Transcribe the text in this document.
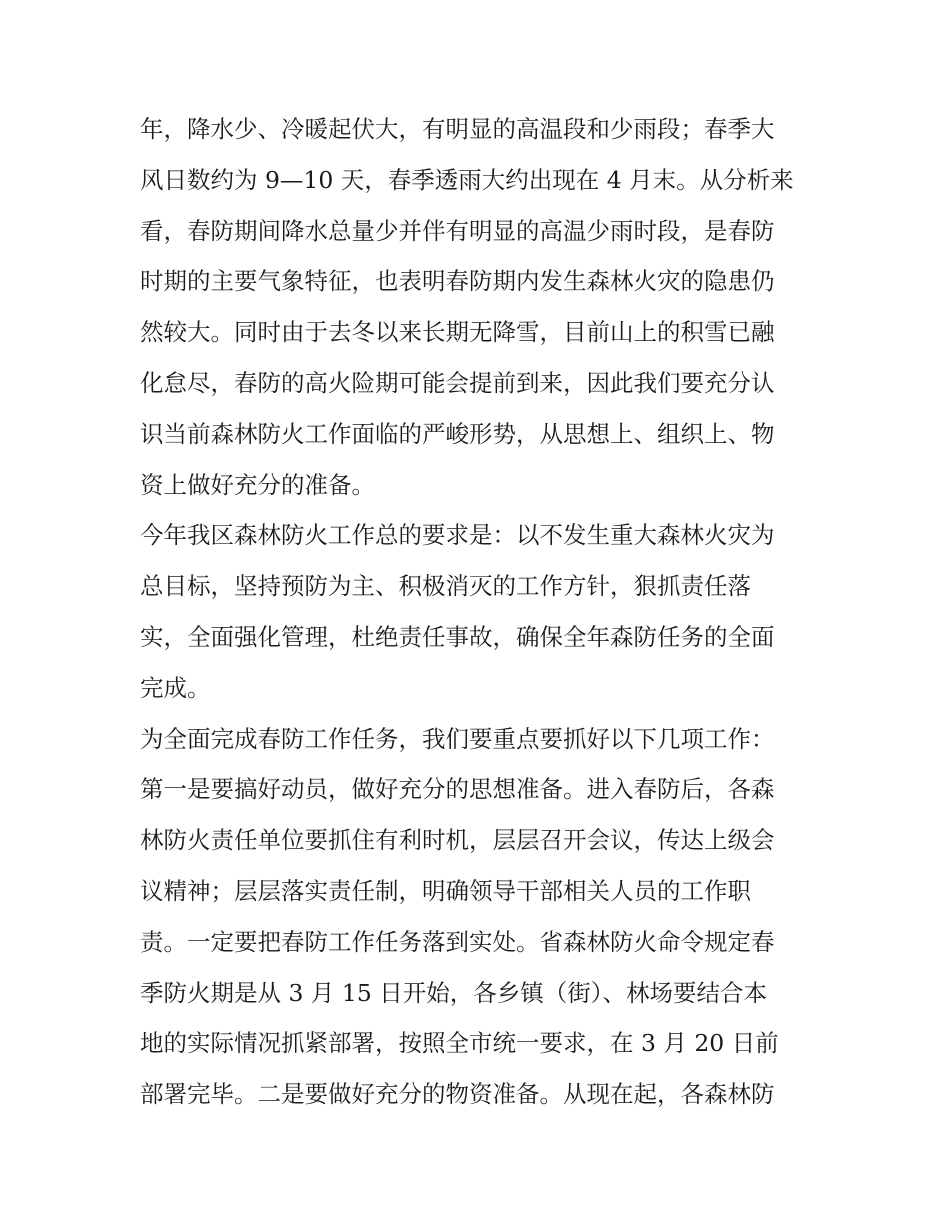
年，降水少、冷暖起伏大，有明显的高温段和少雨段；春季大
风日数约为 9—10 天，春季透雨大约出现在 4 月末。从分析来
看，春防期间降水总量少并伴有明显的高温少雨时段，是春防
时期的主要气象特征，也表明春防期内发生森林火灾的隐患仍
然较大。同时由于去冬以来长期无降雪，目前山上的积雪已融
化怠尽，春防的高火险期可能会提前到来，因此我们要充分认
识当前森林防火工作面临的严峻形势，从思想上、组织上、物
资上做好充分的准备。
今年我区森林防火工作总的要求是：以不发生重大森林火灾为
总目标，坚持预防为主、积极消灭的工作方针，狠抓责任落
实，全面强化管理，杜绝责任事故，确保全年森防任务的全面
完成。
为全面完成春防工作任务，我们要重点要抓好以下几项工作：
第一是要搞好动员，做好充分的思想准备。进入春防后，各森
林防火责任单位要抓住有利时机，层层召开会议，传达上级会
议精神；层层落实责任制，明确领导干部相关人员的工作职
责。一定要把春防工作任务落到实处。省森林防火命令规定春
季防火期是从 3 月 15 日开始，各乡镇（街）、林场要结合本
地的实际情况抓紧部署，按照全市统一要求，在 3 月 20 日前
部署完毕。二是要做好充分的物资准备。从现在起，各森林防
